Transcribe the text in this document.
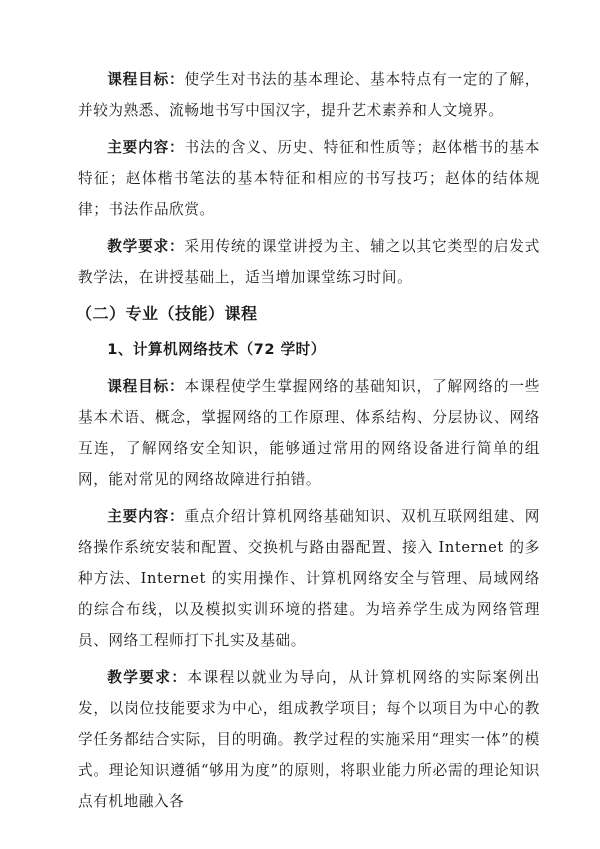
课程目标：使学生对书法的基本理论、基本特点有一定的了解，并较为熟悉、流畅地书写中国汉字，提升艺术素养和人文境界。

主要内容：书法的含义、历史、特征和性质等；赵体楷书的基本特征；赵体楷书笔法的基本特征和相应的书写技巧；赵体的结体规律；书法作品欣赏。

教学要求：采用传统的课堂讲授为主、辅之以其它类型的启发式教学法，在讲授基础上，适当增加课堂练习时间。

（二）专业（技能）课程
1、计算机网络技术（72 学时）

课程目标：本课程使学生掌握网络的基础知识，了解网络的一些基本术语、概念，掌握网络的工作原理、体系结构、分层协议、网络互连，了解网络安全知识，能够通过常用的网络设备进行简单的组网，能对常见的网络故障进行拍错。

主要内容：重点介绍计算机网络基础知识、双机互联网组建、网络操作系统安装和配置、交换机与路由器配置、接入 Internet 的多种方法、Internet 的实用操作、计算机网络安全与管理、局域网络的综合布线，以及模拟实训环境的搭建。为培养学生成为网络管理员、网络工程师打下扎实及基础。

教学要求：本课程以就业为导向，从计算机网络的实际案例出发，以岗位技能要求为中心，组成教学项目；每个以项目为中心的教学任务都结合实际，目的明确。教学过程的实施采用“理实一体”的模式。理论知识遵循“够用为度”的原则，将职业能力所必需的理论知识点有机地融入各
